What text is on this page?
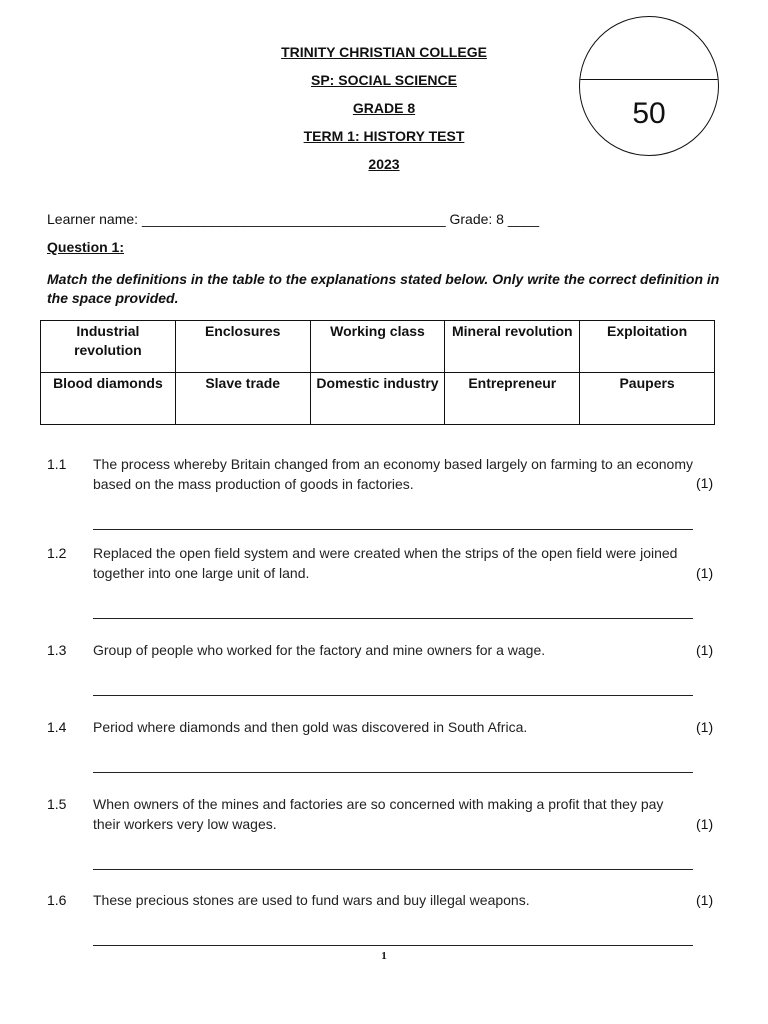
TRINITY CHRISTIAN COLLEGE
SP: SOCIAL SCIENCE
GRADE 8
TERM 1: HISTORY TEST
2023
50
Learner name: _______________________________________ Grade: 8 ____
Question 1:
Match the definitions in the table to the explanations stated below. Only write the correct definition in the space provided.
Industrial revolution	Enclosures	Working class	Mineral revolution	Exploitation
Blood diamonds	Slave trade	Domestic industry	Entrepreneur	Paupers
1.1 The process whereby Britain changed from an economy based largely on farming to an economy based on the mass production of goods in factories.	(1)
1.2 Replaced the open field system and were created when the strips of the open field were joined together into one large unit of land.	(1)
1.3 Group of people who worked for the factory and mine owners for a wage.	(1)
1.4 Period where diamonds and then gold was discovered in South Africa.	(1)
1.5 When owners of the mines and factories are so concerned with making a profit that they pay their workers very low wages.	(1)
1.6 These precious stones are used to fund wars and buy illegal weapons.	(1)
1
